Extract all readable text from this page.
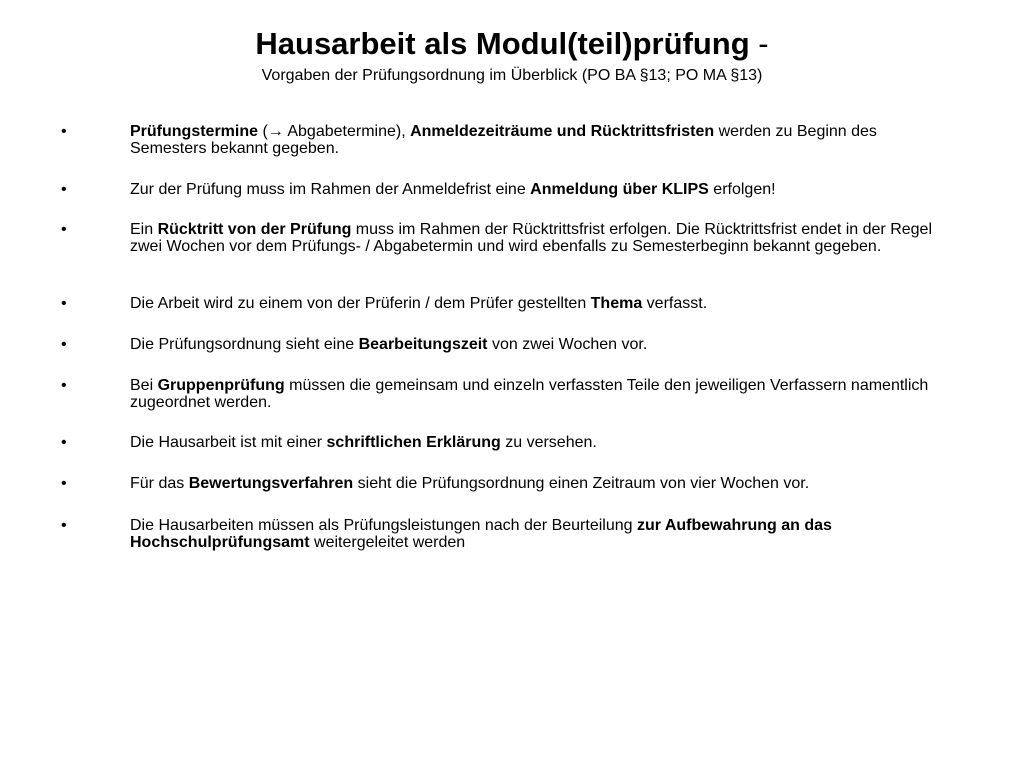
Hausarbeit als Modul(teil)prüfung -
Vorgaben der Prüfungsordnung im Überblick (PO BA §13; PO MA §13)
•	Prüfungstermine (→ Abgabetermine), Anmeldezeiträume und Rücktrittsfristen werden zu Beginn des Semesters bekannt gegeben.
•	Zur der Prüfung muss im Rahmen der Anmeldefrist eine Anmeldung über KLIPS erfolgen!
•	Ein Rücktritt von der Prüfung muss im Rahmen der Rücktrittsfrist erfolgen. Die Rücktrittsfrist endet in der Regel zwei Wochen vor dem Prüfungs- / Abgabetermin und wird ebenfalls zu Semesterbeginn bekannt gegeben.
•	Die Arbeit wird zu einem von der Prüferin / dem Prüfer gestellten Thema verfasst.
•	Die Prüfungsordnung sieht eine Bearbeitungszeit von zwei Wochen vor.
•	Bei Gruppenprüfung müssen die gemeinsam und einzeln verfassten Teile den jeweiligen Verfassern namentlich zugeordnet werden.
•	Die Hausarbeit ist mit einer schriftlichen Erklärung zu versehen.
•	Für das Bewertungsverfahren sieht die Prüfungsordnung einen Zeitraum von vier Wochen vor.
•	Die Hausarbeiten müssen als Prüfungsleistungen nach der Beurteilung zur Aufbewahrung an das Hochschulprüfungsamt weitergeleitet werden
